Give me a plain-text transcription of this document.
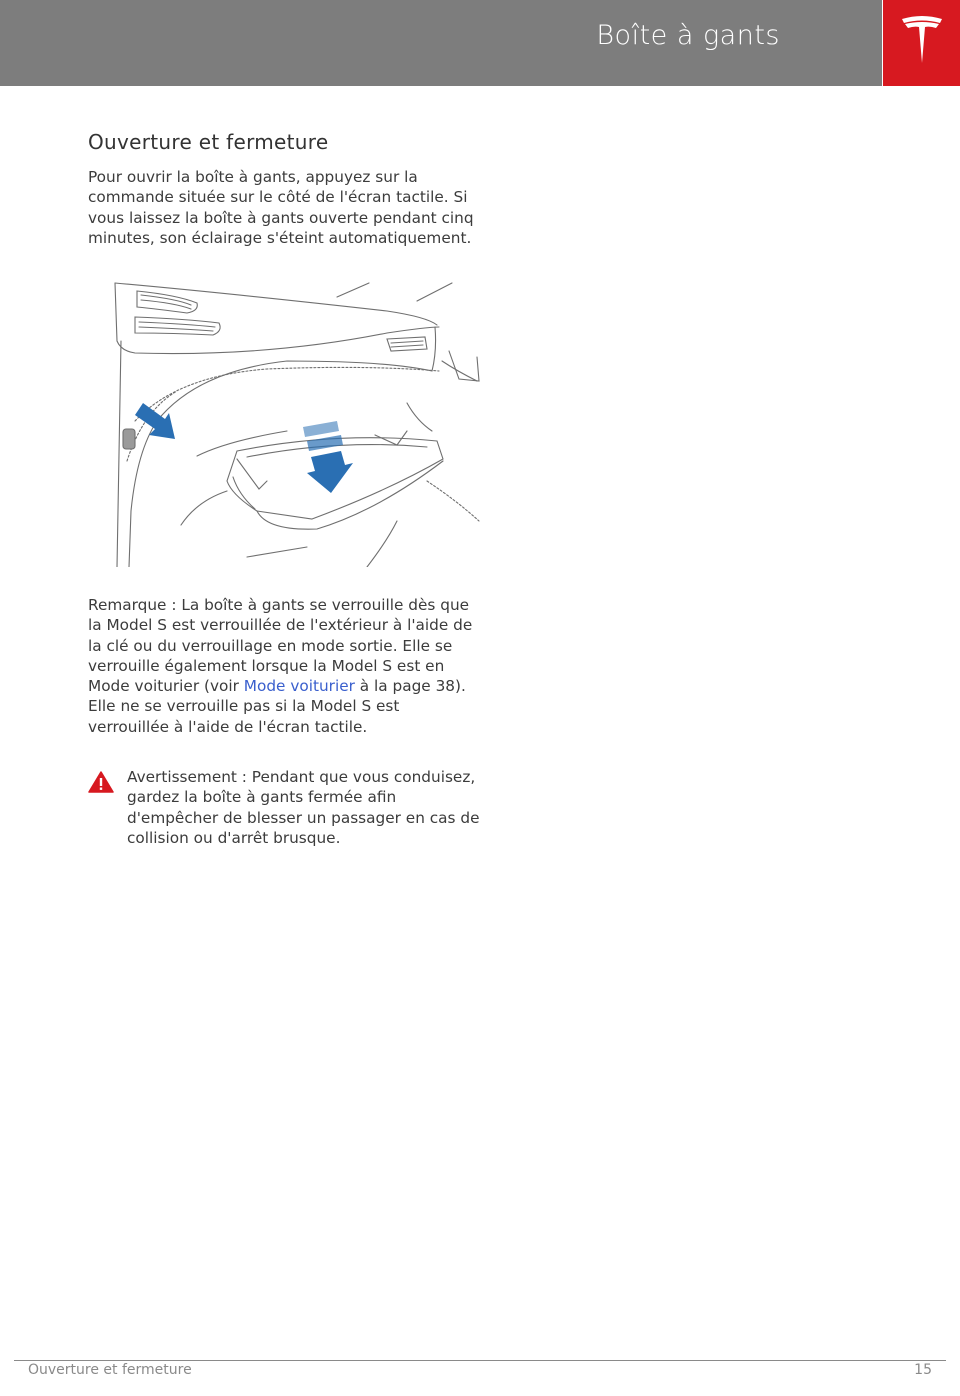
Boîte à gants
Ouverture et fermeture
Pour ouvrir la boîte à gants, appuyez sur la commande située sur le côté de l'écran tactile. Si vous laissez la boîte à gants ouverte pendant cinq minutes, son éclairage s'éteint automatiquement.
Remarque : La boîte à gants se verrouille dès que la Model S est verrouillée de l'extérieur à l'aide de la clé ou du verrouillage en mode sortie. Elle se verrouille également lorsque la Model S est en Mode voiturier (voir Mode voiturier à la page 38). Elle ne se verrouille pas si la Model S est verrouillée à l'aide de l'écran tactile.
Avertissement : Pendant que vous conduisez, gardez la boîte à gants fermée afin d'empêcher de blesser un passager en cas de collision ou d'arrêt brusque.
Ouverture et fermeture	15
